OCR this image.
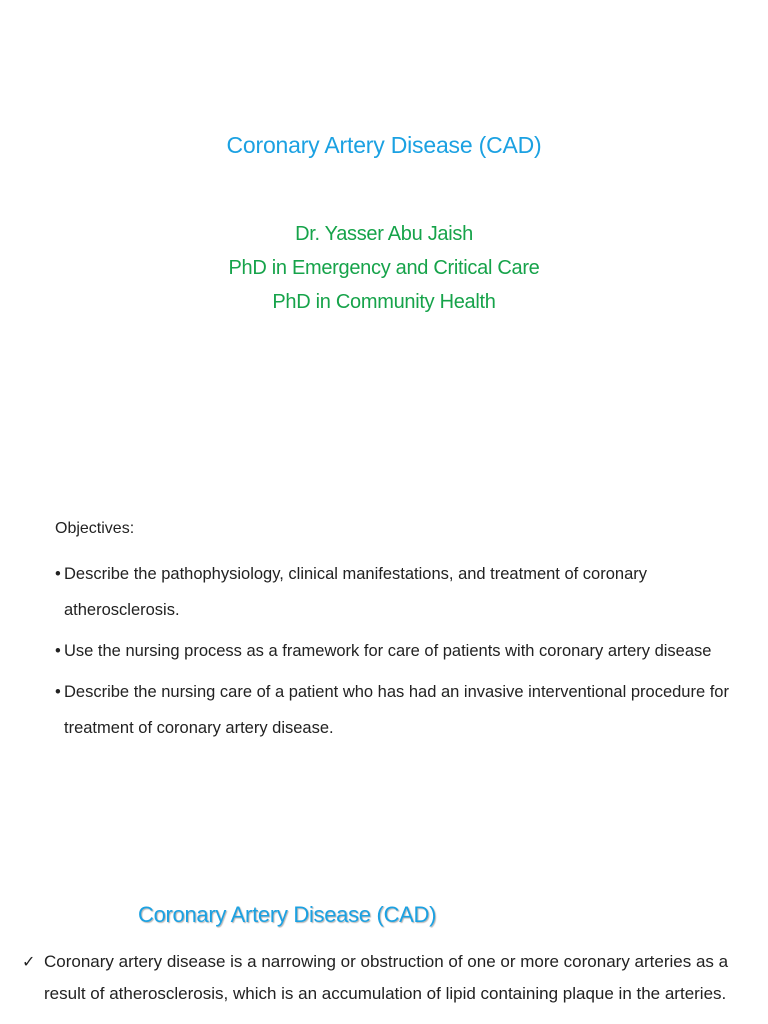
Coronary Artery Disease (CAD)
Dr. Yasser Abu Jaish
PhD in Emergency and Critical Care
PhD in Community Health
Objectives:
• Describe the pathophysiology, clinical manifestations, and treatment of coronary atherosclerosis.
• Use the nursing process as a framework for care of patients with coronary artery disease
• Describe the nursing care of a patient who has had an invasive interventional procedure for treatment of coronary artery disease.
Coronary Artery Disease (CAD)
✓ Coronary artery disease is a narrowing or obstruction of one or more coronary arteries as a result of atherosclerosis, which is an accumulation of lipid containing plaque in the arteries.
